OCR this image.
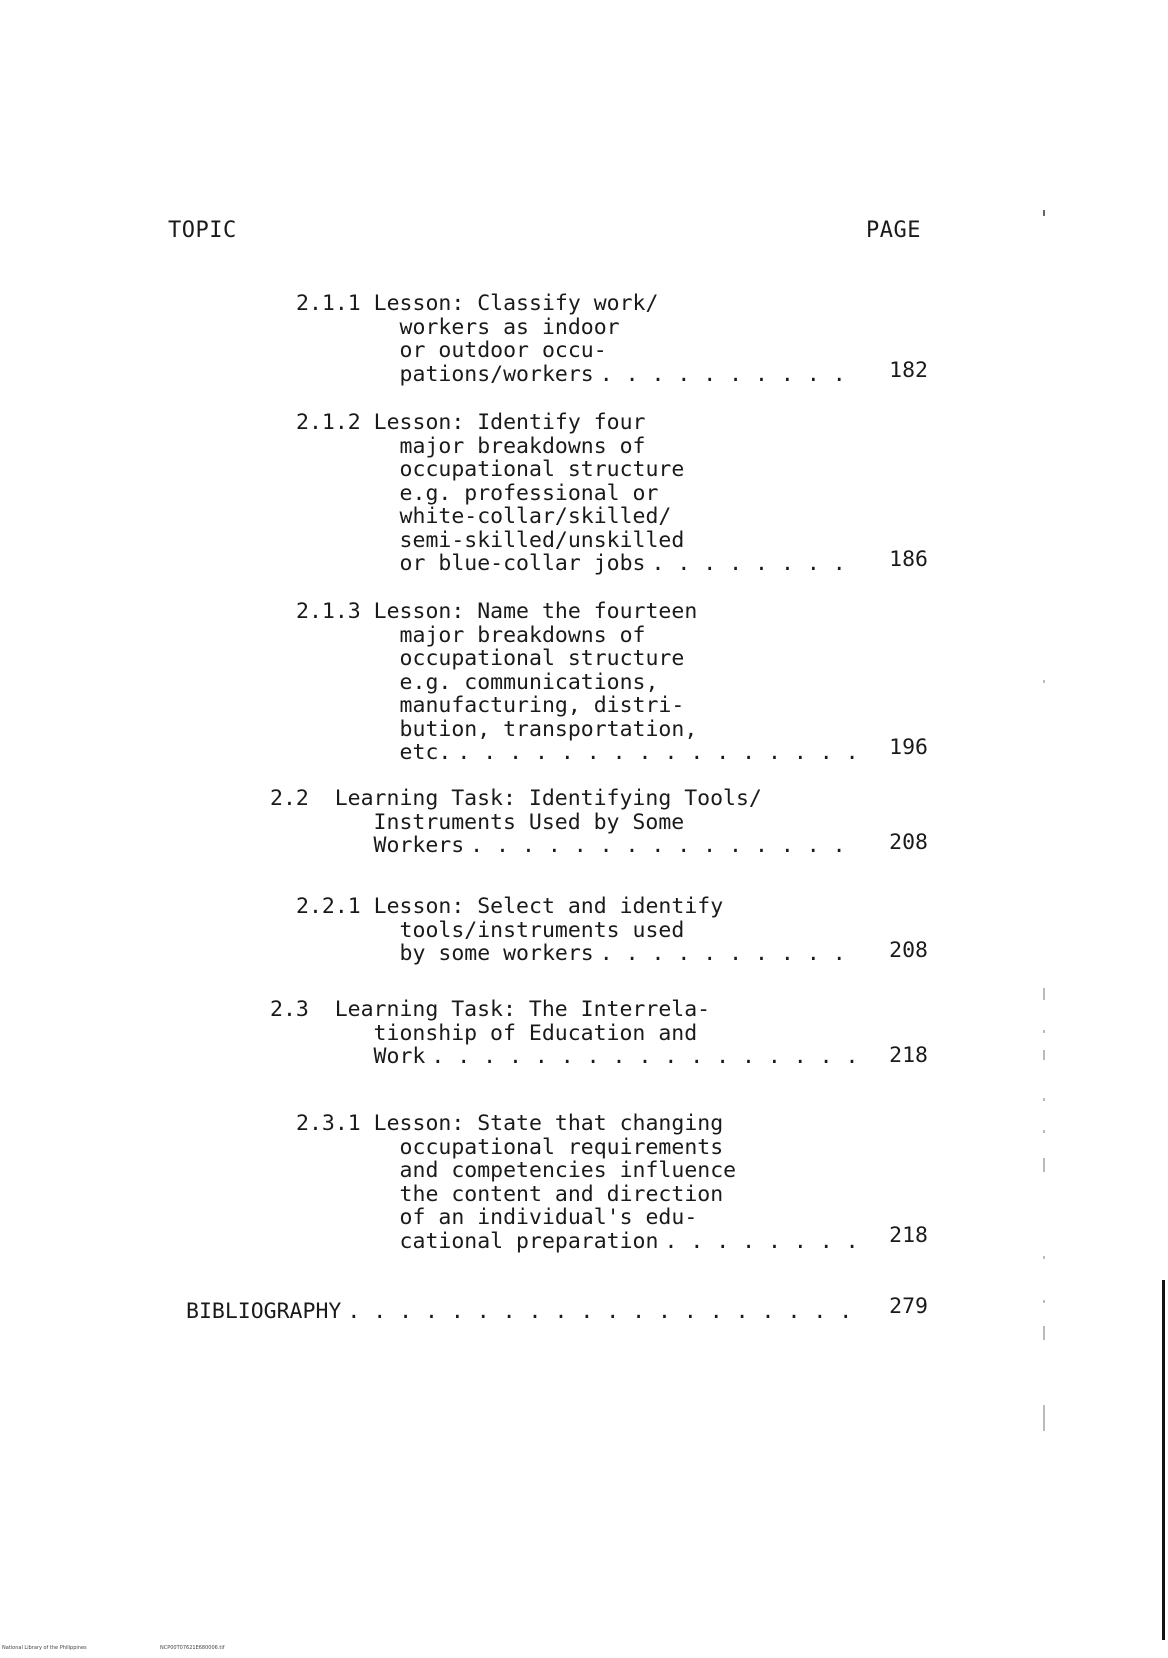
TOPIC	PAGE
2.1.1 Lesson: Classify work/
workers as indoor
or outdoor occu-
pations/workers . . .	182
2.1.2 Lesson: Identify four
major breakdowns of
occupational structure
e.g. professional or
white-collar/skilled/
semi-skilled/unskilled
or blue-collar jobs . . .	186
2.1.3 Lesson: Name the fourteen
major breakdowns of
occupational structure
e.g. communications,
manufacturing, distri-
bution, transportation,
etc. . . .	196
2.2  Learning Task: Identifying Tools/
Instruments Used by Some
Workers . . .	208
2.2.1 Lesson: Select and identify
tools/instruments used
by some workers . . .	208
2.3  Learning Task: The Interrela-
tionship of Education and
Work . . .	218
2.3.1 Lesson: State that changing
occupational requirements
and competencies influence
the content and direction
of an individual's edu-
cational preparation . . .	218
BIBLIOGRAPHY . . .	279
National Library of the Philippines	NCP00T07621E680006.tif
